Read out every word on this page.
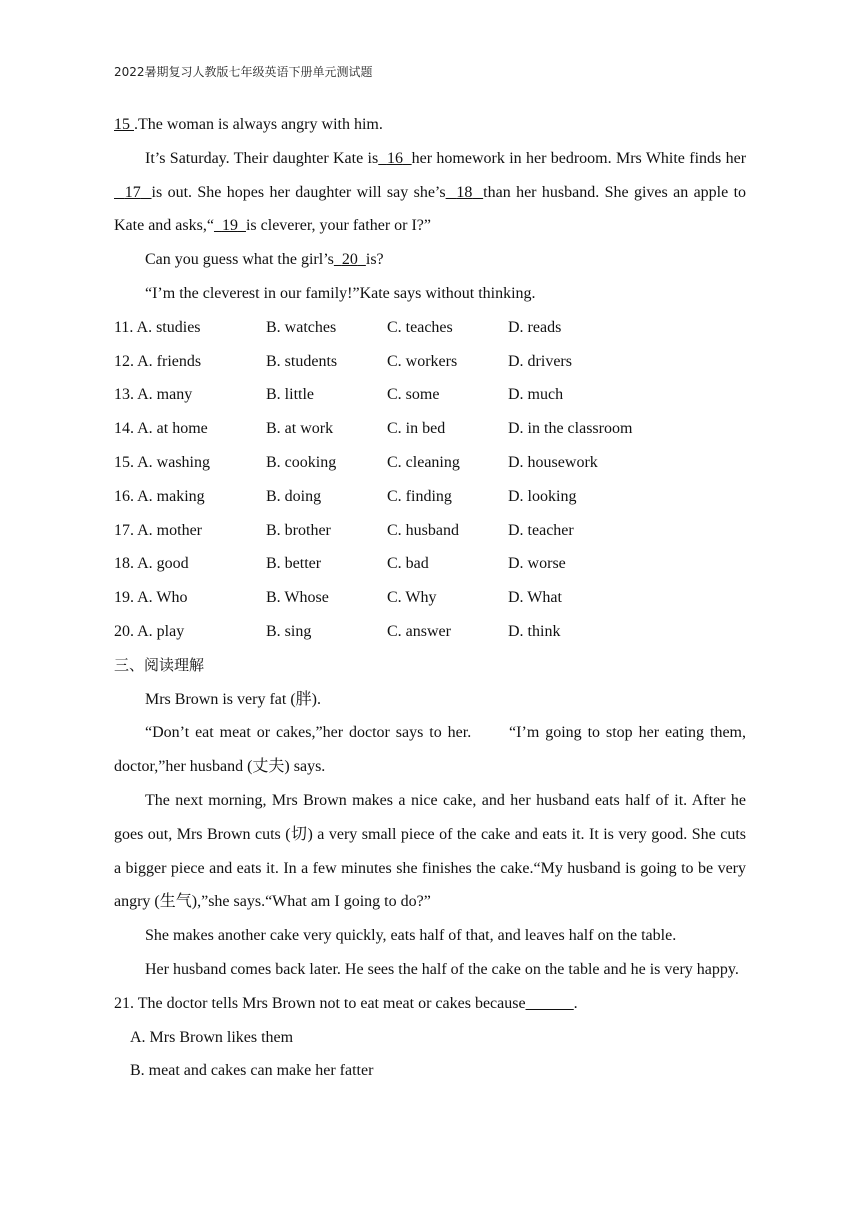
2022暑期复习人教版七年级英语下册单元测试题

15 .The woman is always angry with him.

It’s Saturday. Their daughter Kate is 16 her homework in her bedroom. Mrs White finds her  17 is out. She hopes her daughter will say she’s 18 than her husband. She gives an apple to Kate and asks,“ 19 is cleverer, your father or I?”

Can you guess what the girl’s 20 is?

“I’m the cleverest in our family!”Kate says without thinking.

11. A. studies	B. watches	C. teaches	D. reads
12. A. friends	B. students	C. workers	D. drivers
13. A. many	B. little	C. some	D. much
14. A. at home	B. at work	C. in bed	D. in the classroom
15. A. washing	B. cooking	C. cleaning	D. housework
16. A. making	B. doing	C. finding	D. looking
17. A. mother	B. brother	C. husband	D. teacher
18. A. good	B. better	C. bad	D. worse
19. A. Who	B. Whose	C. Why	D. What
20. A. play	B. sing	C. answer	D. think

三、阅读理解

Mrs Brown is very fat (胖).

“Don’t eat meat or cakes,”her doctor says to her.　　“I’m going to stop her eating them, doctor,”her husband (丈夫) says.

The next morning, Mrs Brown makes a nice cake, and her husband eats half of it. After he goes out, Mrs Brown cuts (切) a very small piece of the cake and eats it. It is very good. She cuts a bigger piece and eats it. In a few minutes she finishes the cake.“My husband is going to be very angry (生气),”she says.“What am I going to do?”

She makes another cake very quickly, eats half of that, and leaves half on the table.

Her husband comes back later. He sees the half of the cake on the table and he is very happy.

21. The doctor tells Mrs Brown not to eat meat or cakes because______.

A. Mrs Brown likes them

B. meat and cakes can make her fatter
